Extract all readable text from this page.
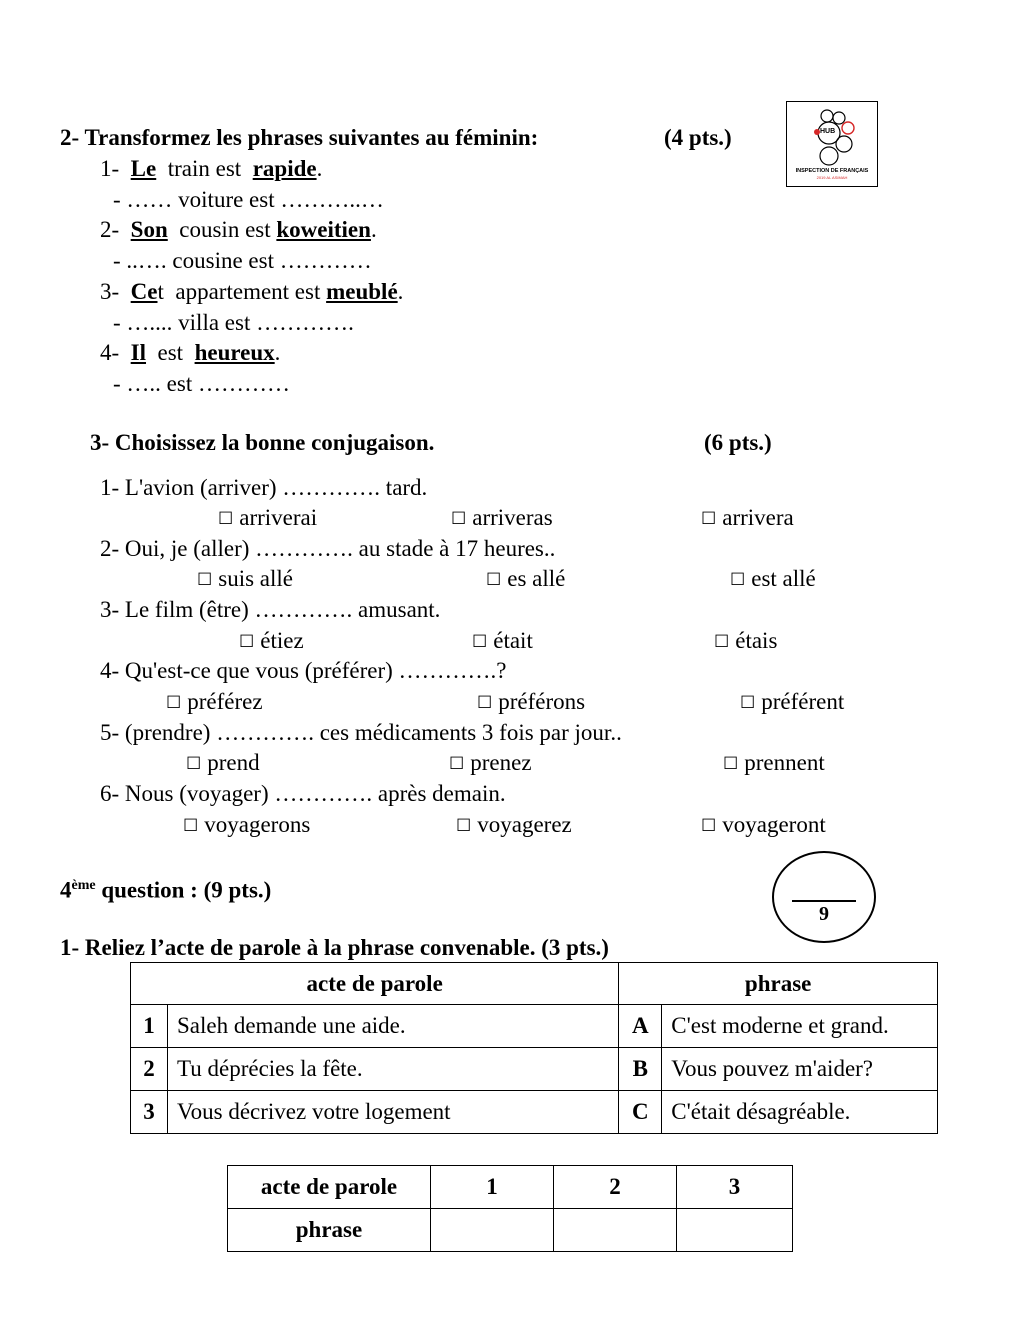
HUB
INSPECTION DE FRANÇAIS
2019 AL ASIMAH
2- Transformez les phrases suivantes au féminin:	(4 pts.)
1- Le train est rapide.
- …… voiture est ………..…
2- Son cousin est koweitien.
- ..…. cousine est …………
3- Cet appartement est meublé.
- ….... villa est ………….
4- Il est heureux.
- ….. est …………
3- Choisissez la bonne conjugaison.	(6 pts.)
1- L'avion (arriver) …………. tard.
☐ arriverai	☐ arriveras	☐ arrivera
2- Oui, je (aller) …………. au stade à 17 heures..
☐ suis allé	☐ es allé	☐ est allé
3- Le film (être) …………. amusant.
☐ étiez	☐ était	☐ étais
4- Qu'est-ce que vous (préférer) ………….?
☐ préférez	☐ préférons	☐ préférent
5- (prendre) …………. ces médicaments 3 fois par jour..
☐ prend	☐ prenez	☐ prennent
6- Nous (voyager) …………. après demain.
☐ voyagerons	☐ voyagerez	☐ voyageront
4ème question : (9 pts.)
9
1- Reliez l’acte de parole à la phrase convenable. (3 pts.)
acte de parole		phrase	
1	Saleh demande une aide.	A	C'est moderne et grand.
2	Tu déprécies la fête.	B	Vous pouvez m'aider?
3	Vous décrivez votre logement	C	C'était désagréable.
acte de parole	1	2	3
phrase			
